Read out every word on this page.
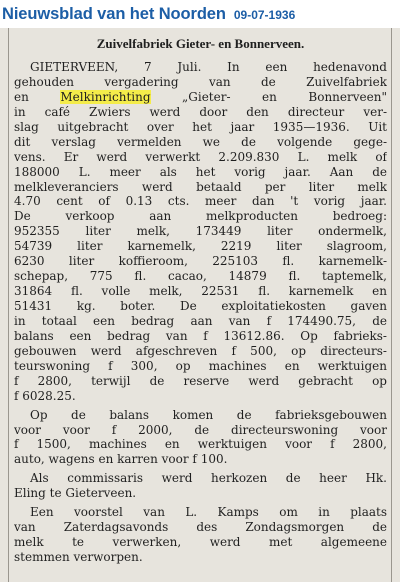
Nieuwsblad van het Noorden 09-07-1936
Zuivelfabriek Gieter- en Bonnerveen.
GIETERVEEN, 7 Juli. In een hedenavond
gehouden vergadering van de Zuivelfabriek
en Melkinrichting „Gieter- en Bonnerveen"
in café Zwiers werd door den directeur ver-
slag uitgebracht over het jaar 1935—1936. Uit
dit verslag vermelden we de volgende gege-
vens. Er werd verwerkt 2.209.830 L. melk of
188000 L. meer als het vorig jaar. Aan de
melkleveranciers werd betaald per liter melk
4.70 cent of 0.13 cts. meer dan 't vorig jaar.
De verkoop aan melkproducten bedroeg:
952355 liter melk, 173449 liter ondermelk,
54739 liter karnemelk, 2219 liter slagroom,
6230 liter koffieroom, 225103 fl. karnemelk-
schepap, 775 fl. cacao, 14879 fl. taptemelk,
31864 fl. volle melk, 22531 fl. karnemelk en
51431 kg. boter. De exploitatiekosten gaven
in totaal een bedrag aan van f 174490.75, de
balans een bedrag van f 13612.86. Op fabrieks-
gebouwen werd afgeschreven f 500, op directeurs-
teurswoning f 300, op machines en werktuigen
f 2800, terwijl de reserve werd gebracht op
f 6028.25.
Op de balans komen de fabrieksgebouwen
voor voor f 2000, de directeurswoning voor
f 1500, machines en werktuigen voor f 2800,
auto, wagens en karren voor f 100.
Als commissaris werd herkozen de heer Hk.
Eling te Gieterveen.
Een voorstel van L. Kamps om in plaats
van Zaterdagsavonds des Zondagsmorgen de
melk te verwerken, werd met algemeene
stemmen verworpen.
